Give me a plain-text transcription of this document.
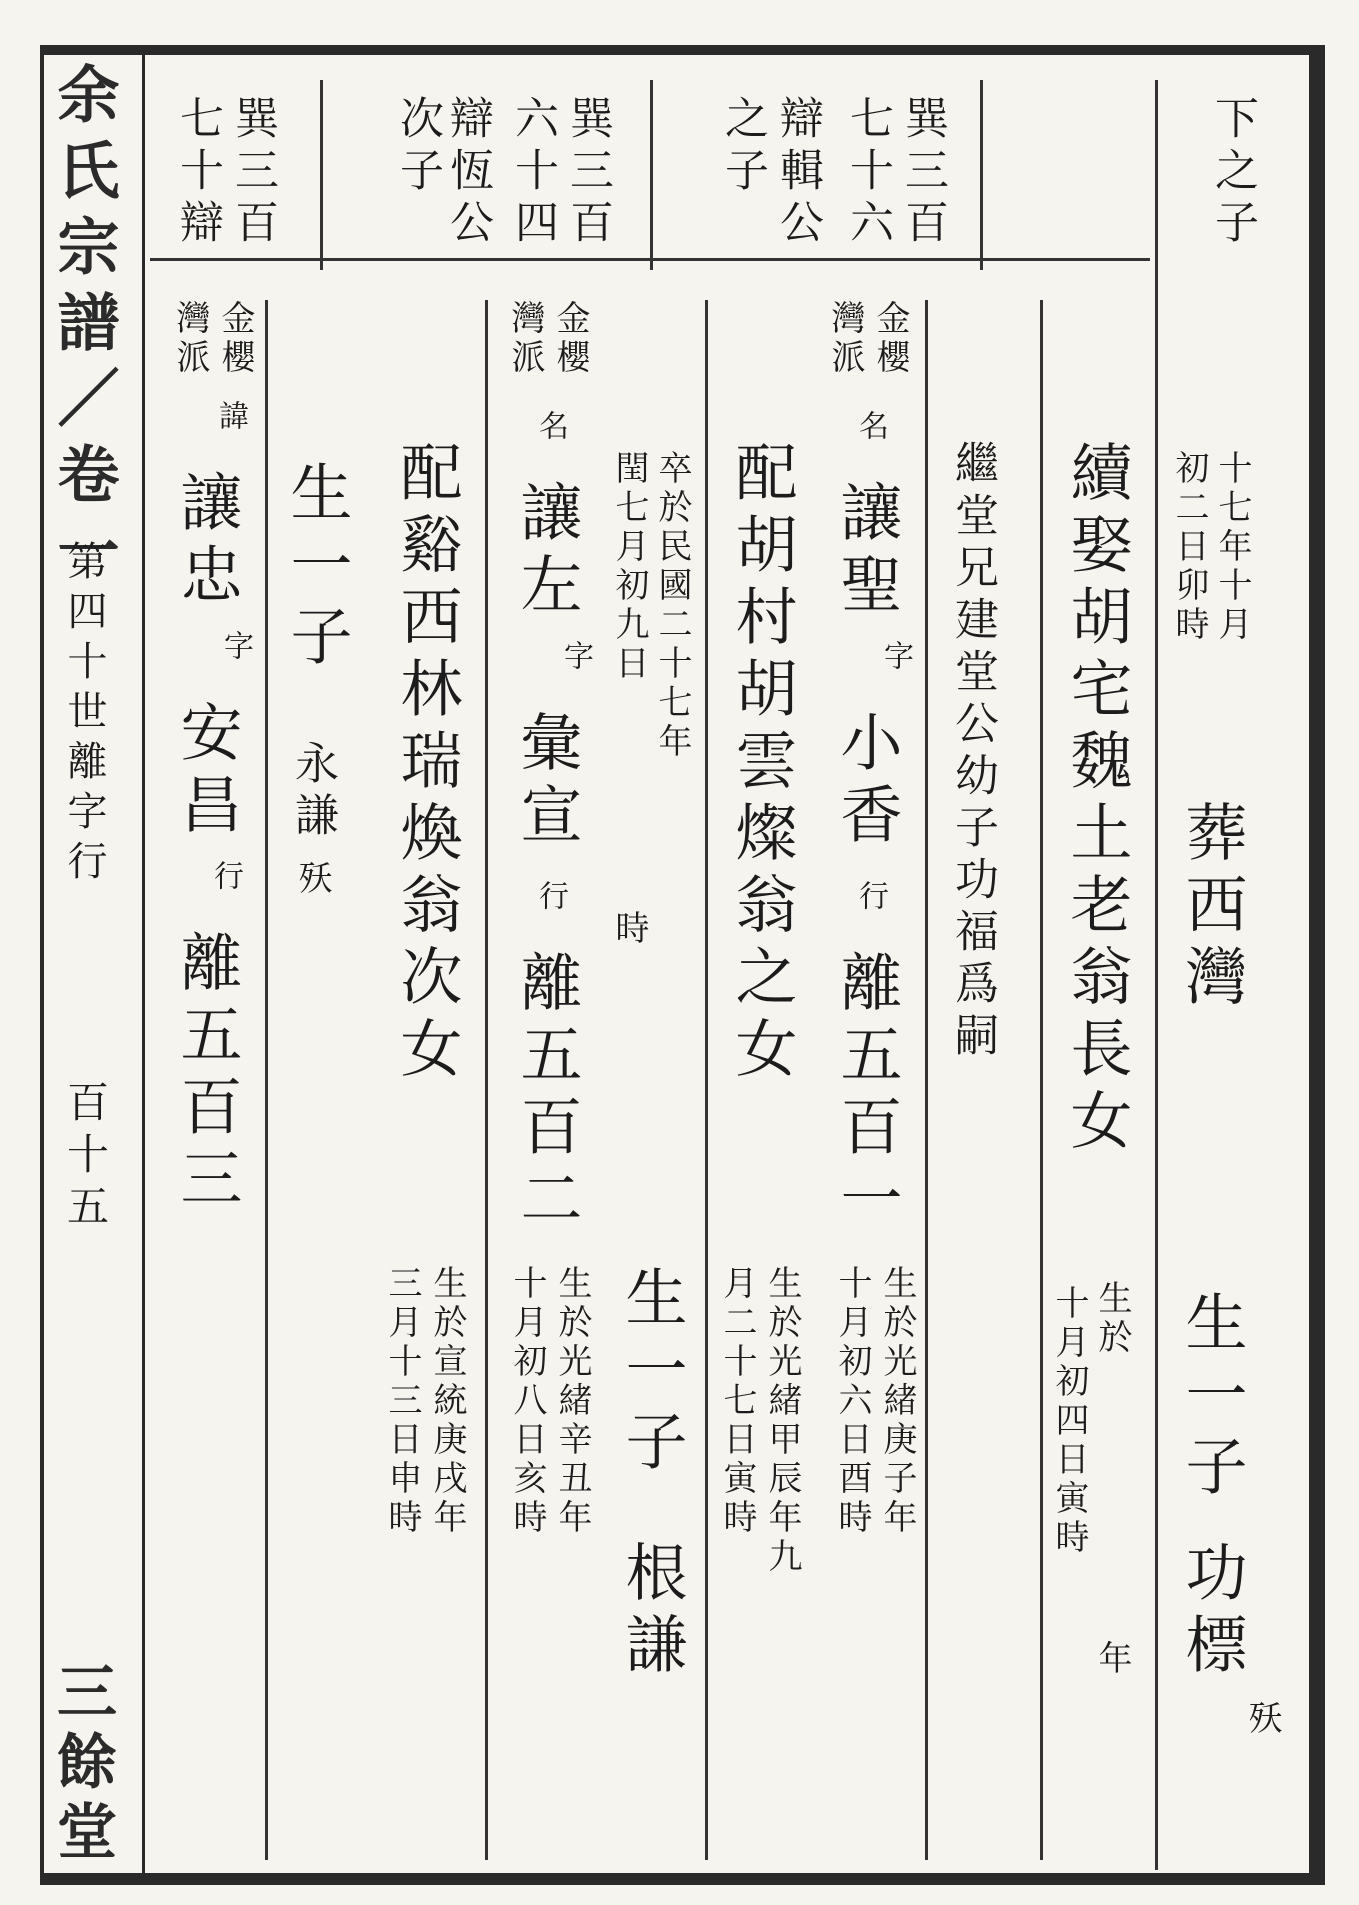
余氏宗譜／卷一
第四十世離字行
百十五
三餘堂
下之子
巽三百
七十六
辯輯公
之子
巽三百
六十四
辯恆公
次子
巽三百
七十辯
十七年十月
初二日卯時
葬西灣
生一子
功標
殀
續娶胡宅魏土老翁長女
生於
年
十月初四日寅時
繼堂兄建堂公幼子功福爲嗣
金櫻
灣派
名
讓聖
字
小香
行
離五百一
生於光緒庚子年
十月初六日酉時
配胡村胡雲燦翁之女
生於光緒甲辰年九
月二十七日寅時
卒於民國二十七年
閏七月初九日
時
生一子
根謙
金櫻
灣派
名
讓左
字
彙宣
行
離五百二
生於光緒辛丑年
十月初八日亥時
配谿西林瑞煥翁次女
生於宣統庚戌年
三月十三日申時
生一子
永謙
殀
金櫻
灣派
諱
讓忠
字
安昌
行
離五百三
